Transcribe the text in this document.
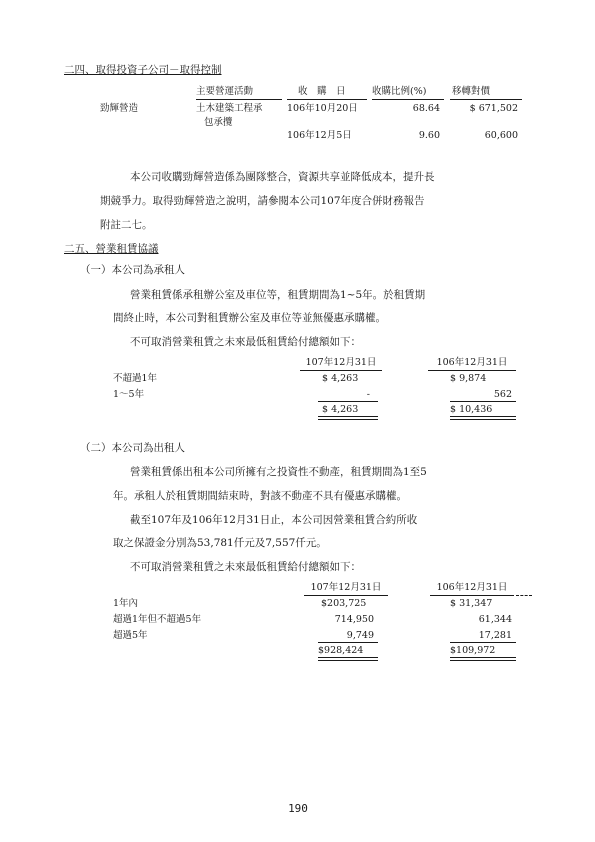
二四、取得投資子公司－取得控制
主要營運活動	收　購　日	收購比例(%)	移轉對價
勁輝營造	土木建築工程承
包承攬
106年10月20日	68.64	$ 671,502
106年12月5日	9.60	60,600
本公司收購勁輝營造係為團隊整合，資源共享並降低成本，提升長
期競爭力。取得勁輝營造之說明，請參閱本公司107年度合併財務報告
附註二七。
二五、營業租賃協議
（一）本公司為承租人
營業租賃係承租辦公室及車位等，租賃期間為1~5年。於租賃期
間終止時，本公司對租賃辦公室及車位等並無優惠承購權。
不可取消營業租賃之未來最低租賃給付總額如下：
107年12月31日	106年12月31日
不超過1年	$ 4,263	$ 9,874
1～5年	-	562
$ 4,263	$ 10,436
（二）本公司為出租人
營業租賃係出租本公司所擁有之投資性不動產，租賃期間為1至5
年。承租人於租賃期間結束時，對該不動產不具有優惠承購權。
截至107年及106年12月31日止，本公司因營業租賃合約所收
取之保證金分別為53,781仟元及7,557仟元。
不可取消營業租賃之未來最低租賃給付總額如下：
107年12月31日	106年12月31日
1年內	$203,725	$ 31,347
超過1年但不超過5年	714,950	61,344
超過5年	9,749	17,281
$928,424	$109,972
190
